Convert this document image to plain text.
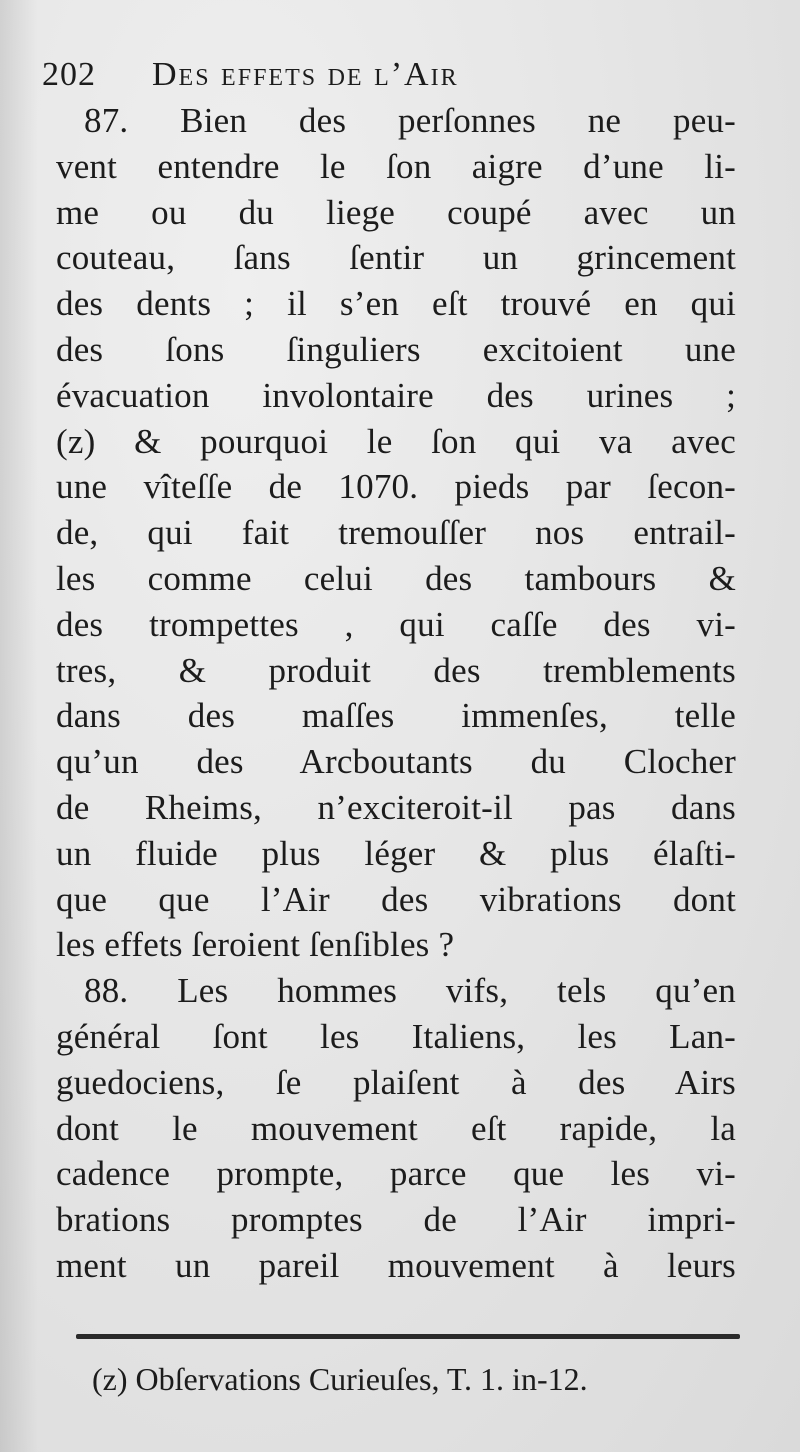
202 Des effets de l’Air
87. Bien des perſonnes ne peu-
vent entendre le ſon aigre d’une li-
me ou du liege coupé avec un
couteau, ſans ſentir un grincement
des dents ; il s’en eſt trouvé en qui
des ſons ſinguliers excitoient une
évacuation involontaire des urines ;
(z) & pourquoi le ſon qui va avec
une vîteſſe de 1070. pieds par ſecon-
de, qui fait tremouſſer nos entrail-
les comme celui des tambours &
des trompettes , qui caſſe des vi-
tres, & produit des tremblements
dans des maſſes immenſes, telle
qu’un des Arcboutants du Clocher
de Rheims, n’exciteroit-il pas dans
un fluide plus léger & plus élaſti-
que que l’Air des vibrations dont
les effets ſeroient ſenſibles ?
88. Les hommes vifs, tels qu’en
général ſont les Italiens, les Lan-
guedociens, ſe plaiſent à des Airs
dont le mouvement eſt rapide, la
cadence prompte, parce que les vi-
brations promptes de l’Air impri-
ment un pareil mouvement à leurs
(z) Obſervations Curieuſes, T. 1. in-12.
